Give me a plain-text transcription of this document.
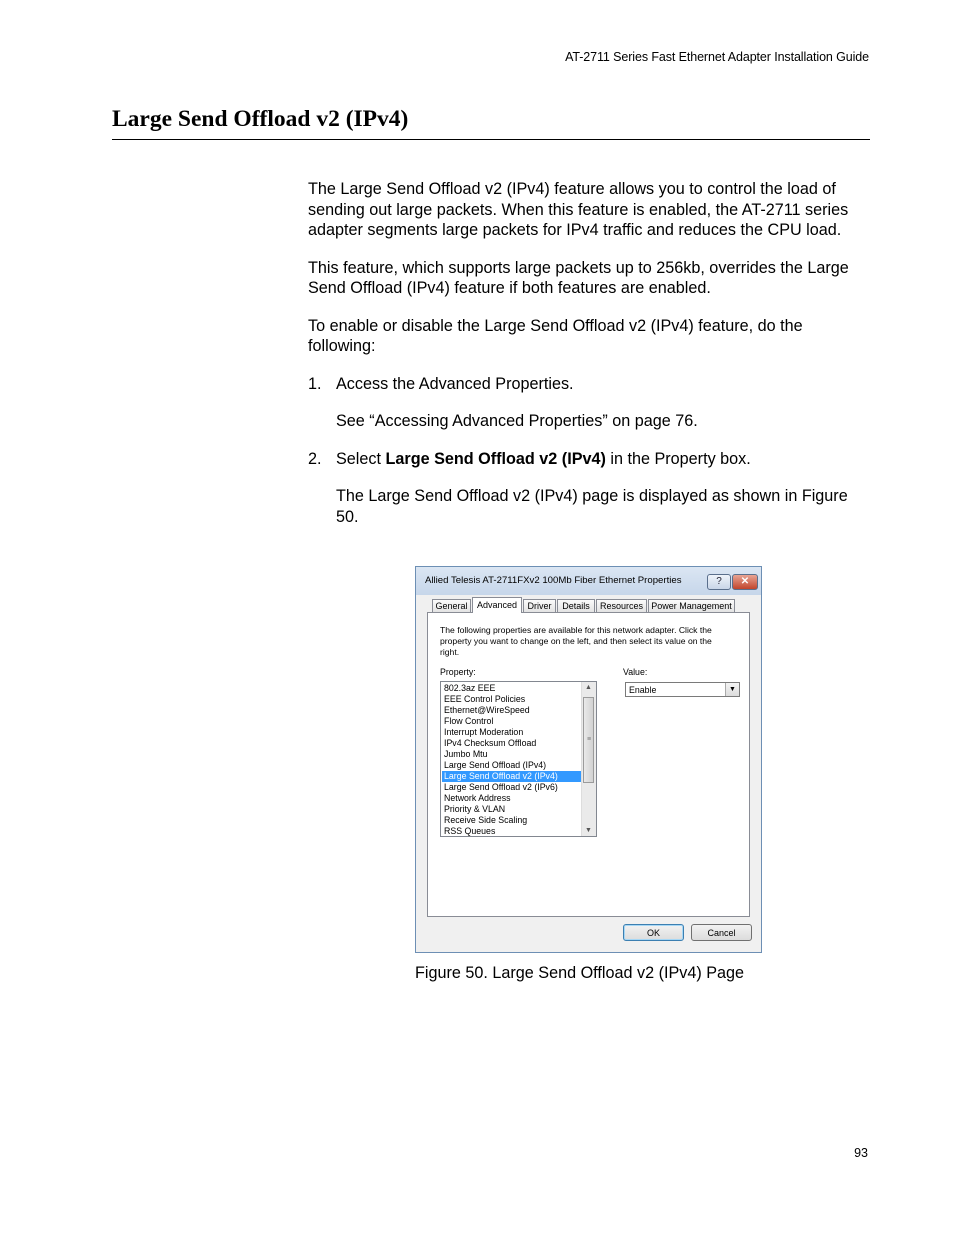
AT-2711 Series Fast Ethernet Adapter Installation Guide
Large Send Offload v2 (IPv4)

The Large Send Offload v2 (IPv4) feature allows you to control the load of sending out large packets. When this feature is enabled, the AT-2711 series adapter segments large packets for IPv4 traffic and reduces the CPU load.

This feature, which supports large packets up to 256kb, overrides the Large Send Offload (IPv4) feature if both features are enabled.

To enable or disable the Large Send Offload v2 (IPv4) feature, do the following:

1. Access the Advanced Properties.

See “Accessing Advanced Properties” on page 76.

2. Select Large Send Offload v2 (IPv4) in the Property box.

The Large Send Offload v2 (IPv4) page is displayed as shown in Figure 50.

Allied Telesis AT-2711FXv2 100Mb Fiber Ethernet Properties	?	✕
General	Advanced	Driver	Details	Resources Power Management
The following properties are available for this network adapter. Click the property you want to change on the left, and then select its value on the right.
Property:	Value:
802.3az EEE
EEE Control Policies
Ethernet@WireSpeed
Flow Control
Interrupt Moderation
IPv4 Checksum Offload
Jumbo Mtu
Large Send Offload (IPv4)
Large Send Offload v2 (IPv4)
Large Send Offload v2 (IPv6)
Network Address
Priority & VLAN
Receive Side Scaling
RSS Queues
▲
≡
▼
Enable	▼
OK	Cancel
Figure 50. Large Send Offload v2 (IPv4) Page
93
